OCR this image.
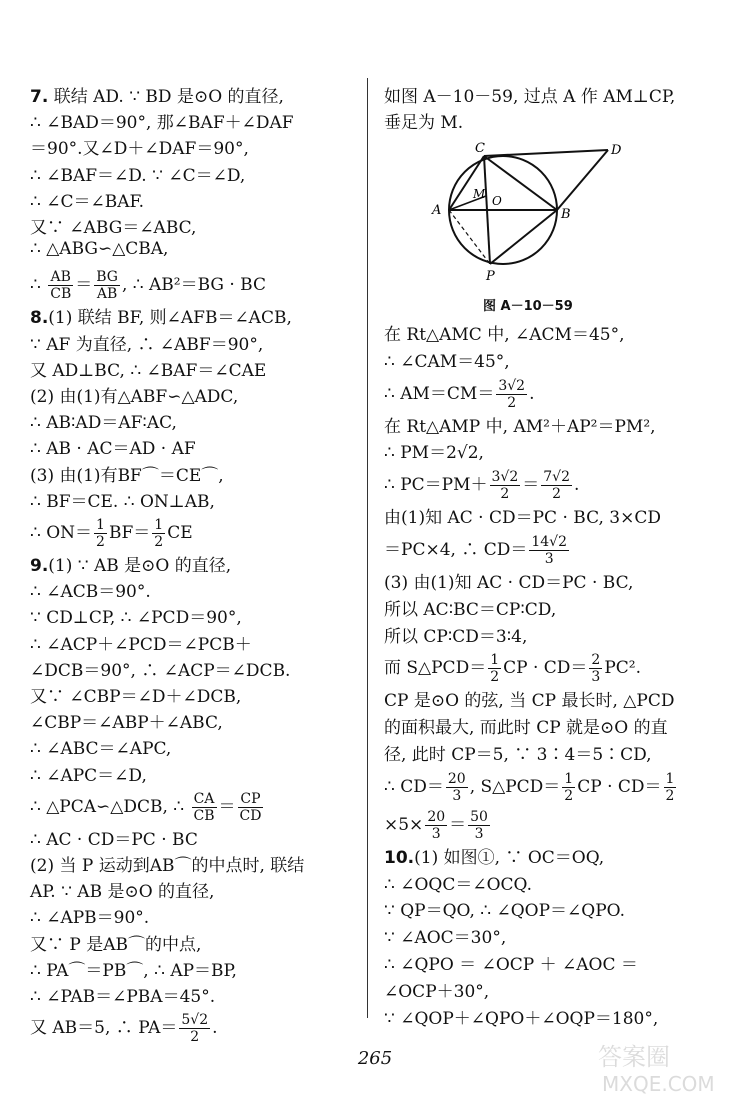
7. 联结 AD. ∵ BD 是⊙O 的直径,
∴ ∠BAD＝90°, 那∠BAF＋∠DAF
＝90°.又∠D＋∠DAF＝90°,
∴ ∠BAF＝∠D. ∵ ∠C＝∠D,
∴ ∠C＝∠BAF.
又∵ ∠ABG＝∠ABC,
∴ △ABG∽△CBA,
∴ $\frac{AB}{CB} = \frac{BG}{AB}$ , ∴ AB²＝BG · BC
8.(1) 联结 BF, 则∠AFB＝∠ACB,
∵ AF 为直径, ∴ ∠ABF＝90°,
又 AD⊥BC, ∴ ∠BAF＝∠CAE
(2) 由(1)有△ABF∽△ADC,
∴ AB∶AD＝AF∶AC,
∴ AB · AC＝AD · AF
(3) 由(1)有BF⌒＝CE⌒,
∴ BF＝CE. ∴ ON⊥AB,
∴ $ON= \frac{1}{2} BF= \frac{1}{2}$ CE
9.(1) ∵ AB 是⊙O 的直径,
∴ ∠ACB＝90°.
∵ CD⊥CP, ∴ ∠PCD＝90°,
∴ ∠ACP＋∠PCD＝∠PCB＋
∠DCB＝90°, ∴ ∠ACP＝∠DCB.
又∵ ∠CBP＝∠D＋∠DCB,
∠CBP＝∠ABP＋∠ABC,
∴ ∠ABC＝∠APC,
∴ ∠APC＝∠D,
∴ △PCA∽△DCB, ∴ $\frac{CA}{CB} = \frac{CP}{CD}$
∴ AC · CD＝PC · BC
(2) 当 P 运动到AB⌒的中点时, 联结
AP. ∵ AB 是⊙O 的直径,
∴ ∠APB＝90°.
又∵ P 是AB⌒的中点,
∴ PA⌒＝PB⌒, ∴ AP＝BP,
∴ ∠PAB＝∠PBA＝45°.
又 AB＝5, ∴ $PA= \frac{5√2}{2}$ .
如图 A－10－59, 过点 A 作 AM⊥CP,
垂足为 M.
在 Rt△AMC 中, ∠ACM＝45°,
∴ ∠CAM＝45°,
∴ $AM=CM= \frac{3√2}{2}$ .
在 Rt△AMP 中, AM²＋AP²＝PM²,
∴ PM＝2√2,
∴ $PC=PM+ \frac{3√2}{2} = \frac{7√2}{2}$ .
由(1)知 AC · CD＝PC · BC, 3×CD
＝PC×4, ∴ $CD= \frac{14√2}{3}$
(3) 由(1)知 AC · CD＝PC · BC,
所以 AC∶BC＝CP∶CD,
所以 CP∶CD＝3∶4,
而 S△PCD＝ $\frac{1}{2}$ CP · $CD= \frac{2}{3} PC^2$.
CP 是⊙O 的弦, 当 CP 最长时, △PCD
的面积最大, 而此时 CP 就是⊙O 的直
径, 此时 CP＝5, ∵ 3∶4＝5∶CD,
∴ $CD= \frac{20}{3}$ , S△PCD＝ $\frac{1}{2}$ CP · $CD= \frac{1}{2}$
$\times 5\times \frac{20}{3} = \frac{50}{3}$
10.(1) 如图①, ∵ OC＝OQ,
∴ ∠OQC＝∠OCQ.
∵ QP＝QO, ∴ ∠QOP＝∠QPO.
∵ ∠AOC＝30°,
∴ ∠QPO ＝ ∠OCP ＋ ∠AOC ＝
∠OCP＋30°,
∵ ∠QOP＋∠QPO＋∠OQP＝180°,
C	D
M O
A	B
P
图 A－10－59
265	答案圈
MXQE.COM
